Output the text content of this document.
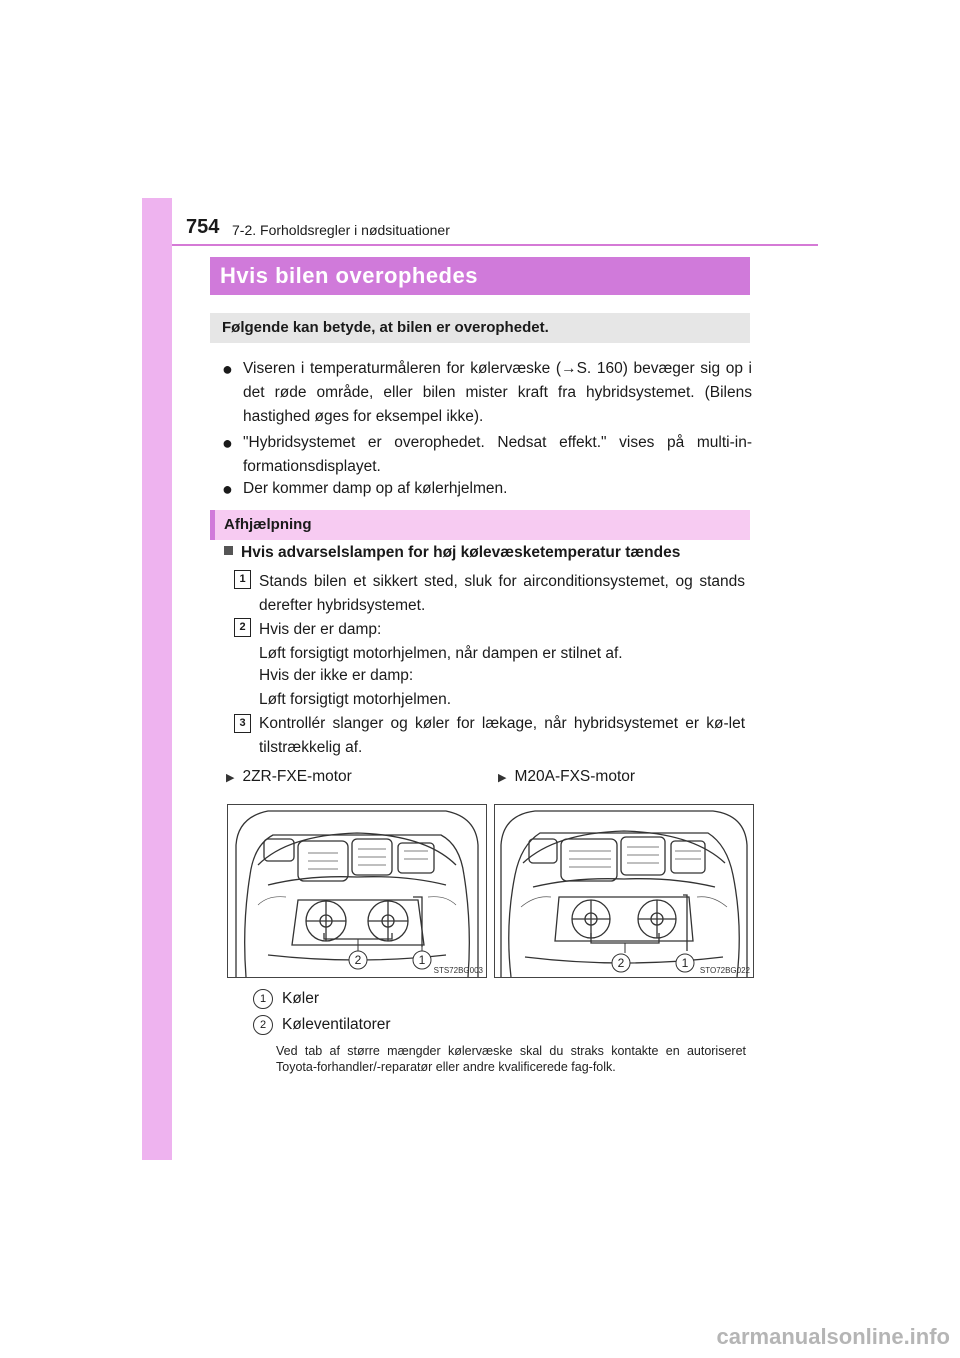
754 7-2. Forholdsregler i nødsituationer
Hvis bilen overophedes
Følgende kan betyde, at bilen er overophedet.
● Viseren i temperaturmåleren for kølervæske (→S. 160) bevæger sig op i det røde område, eller bilen mister kraft fra hybridsystemet. (Bilens hastighed øges for eksempel ikke).
● "Hybridsystemet er overophedet. Nedsat effekt." vises på multi-in-formationsdisplayet.
● Der kommer damp op af kølerhjelmen.
Afhjælpning
Hvis advarselslampen for høj kølevæsketemperatur tændes
1 Stands bilen et sikkert sted, sluk for airconditionsystemet, og stands derefter hybridsystemet.
2 Hvis der er damp:
Løft forsigtigt motorhjelmen, når dampen er stilnet af.
Hvis der ikke er damp:
Løft forsigtigt motorhjelmen.
3 Kontrollér slanger og køler for lækage, når hybridsystemet er kø-let tilstrækkelig af.
▶ 2ZR-FXE-motor	▶ M20A-FXS-motor
2	1
STS72BG003
2	1
STO72BG022
1	Køler
2	Køleventilatorer
Ved tab af større mængder kølervæske skal du straks kontakte en autoriseret Toyota-forhandler/-reparatør eller andre kvalificerede fag-folk.
carmanualsonline.info
